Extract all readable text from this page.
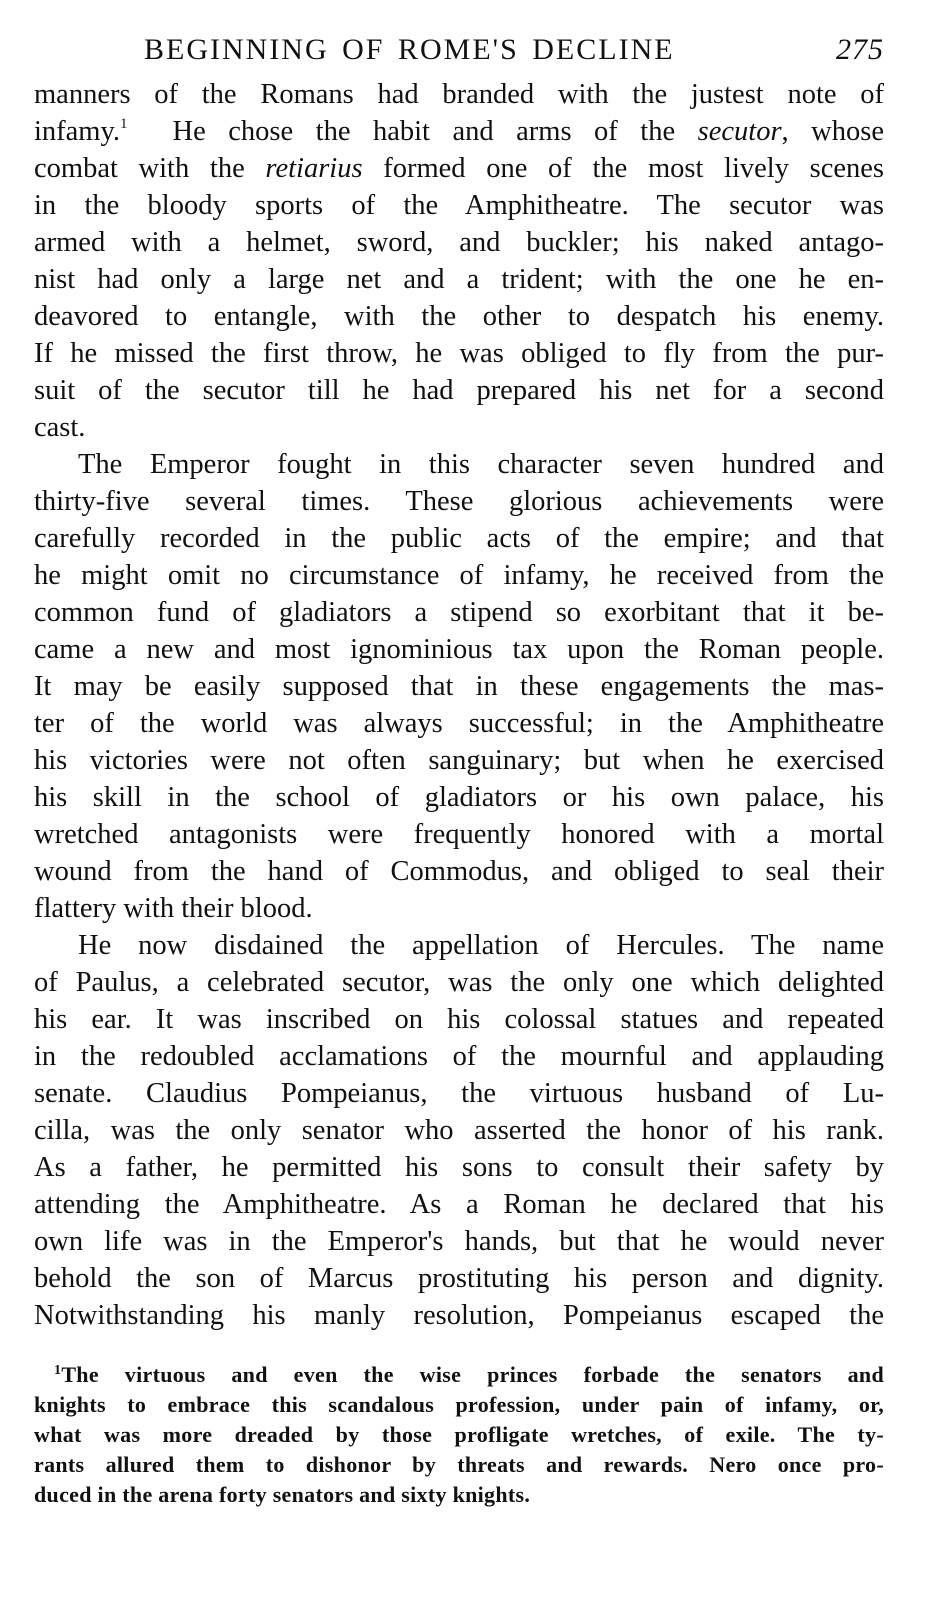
BEGINNING OF ROME'S DECLINE	275
manners of the Romans had branded with the justest note of
infamy.$^1$ He chose the habit and arms of the secutor, whose
combat with the retiarius formed one of the most lively scenes
in the bloody sports of the Amphitheatre. The secutor was
armed with a helmet, sword, and buckler; his naked antago-
nist had only a large net and a trident; with the one he en-
deavored to entangle, with the other to despatch his enemy.
If he missed the first throw, he was obliged to fly from the pur-
suit of the secutor till he had prepared his net for a second
cast.
The Emperor fought in this character seven hundred and
thirty-five several times. These glorious achievements were
carefully recorded in the public acts of the empire; and that
he might omit no circumstance of infamy, he received from the
common fund of gladiators a stipend so exorbitant that it be-
came a new and most ignominious tax upon the Roman people.
It may be easily supposed that in these engagements the mas-
ter of the world was always successful; in the Amphitheatre
his victories were not often sanguinary; but when he exercised
his skill in the school of gladiators or his own palace, his
wretched antagonists were frequently honored with a mortal
wound from the hand of Commodus, and obliged to seal their
flattery with their blood.
He now disdained the appellation of Hercules. The name
of Paulus, a celebrated secutor, was the only one which delighted
his ear. It was inscribed on his colossal statues and repeated
in the redoubled acclamations of the mournful and applauding
senate. Claudius Pompeianus, the virtuous husband of Lu-
cilla, was the only senator who asserted the honor of his rank.
As a father, he permitted his sons to consult their safety by
attending the Amphitheatre. As a Roman he declared that his
own life was in the Emperor's hands, but that he would never
behold the son of Marcus prostituting his person and dignity.
Notwithstanding his manly resolution, Pompeianus escaped the
$^1$The virtuous and even the wise princes forbade the senators and
knights to embrace this scandalous profession, under pain of infamy, or,
what was more dreaded by those profligate wretches, of exile. The ty-
rants allured them to dishonor by threats and rewards. Nero once pro-
duced in the arena forty senators and sixty knights.
